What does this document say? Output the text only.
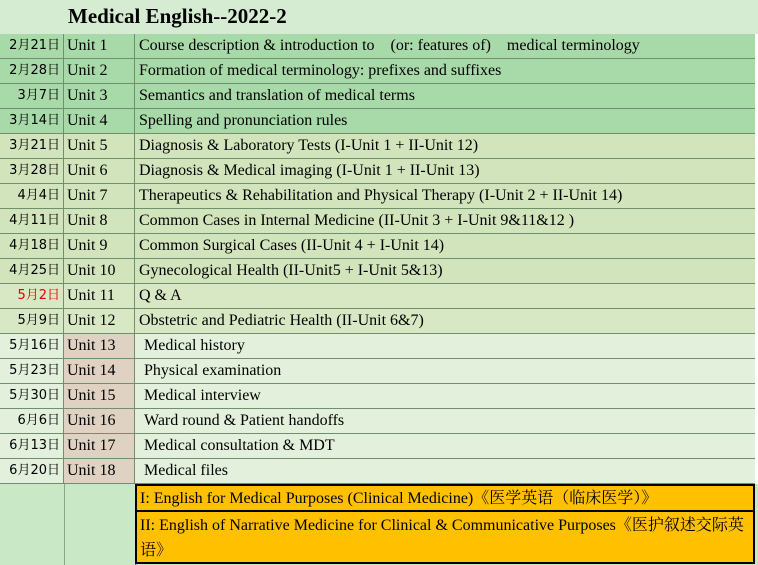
Medical English--2022-2
2月21日 Unit 1	Course description & introduction to　(or: features of)　medical terminology
2月28日 Unit 2	Formation of medical terminology: prefixes and suffixes
3月7日 Unit 3	Semantics and translation of medical terms
3月14日 Unit 4	Spelling and pronunciation rules
3月21日 Unit 5	Diagnosis & Laboratory Tests (I-Unit 1 + II-Unit 12)
3月28日 Unit 6	Diagnosis & Medical imaging (I-Unit 1 + II-Unit 13)
4月4日 Unit 7	Therapeutics & Rehabilitation and Physical Therapy (I-Unit 2 + II-Unit 14)
4月11日 Unit 8	Common Cases in Internal Medicine (II-Unit 3 + I-Unit 9&11&12 )
4月18日 Unit 9	Common Surgical Cases (II-Unit 4 + I-Unit 14)
4月25日 Unit 10	Gynecological Health (II-Unit5 + I-Unit 5&13)
5月2日 Unit 11	Q & A
5月9日 Unit 12	Obstetric and Pediatric Health (II-Unit 6&7)
5月16日 Unit 13	Medical history
5月23日 Unit 14	Physical examination
5月30日 Unit 15	Medical interview
6月6日 Unit 16	Ward round & Patient handoffs
6月13日 Unit 17	Medical consultation & MDT
6月20日 Unit 18	Medical files
I: English for Medical Purposes (Clinical Medicine)《医学英语（临床医学）》
II: English of Narrative Medicine for Clinical & Communicative Purposes《医护叙述交际英语》
